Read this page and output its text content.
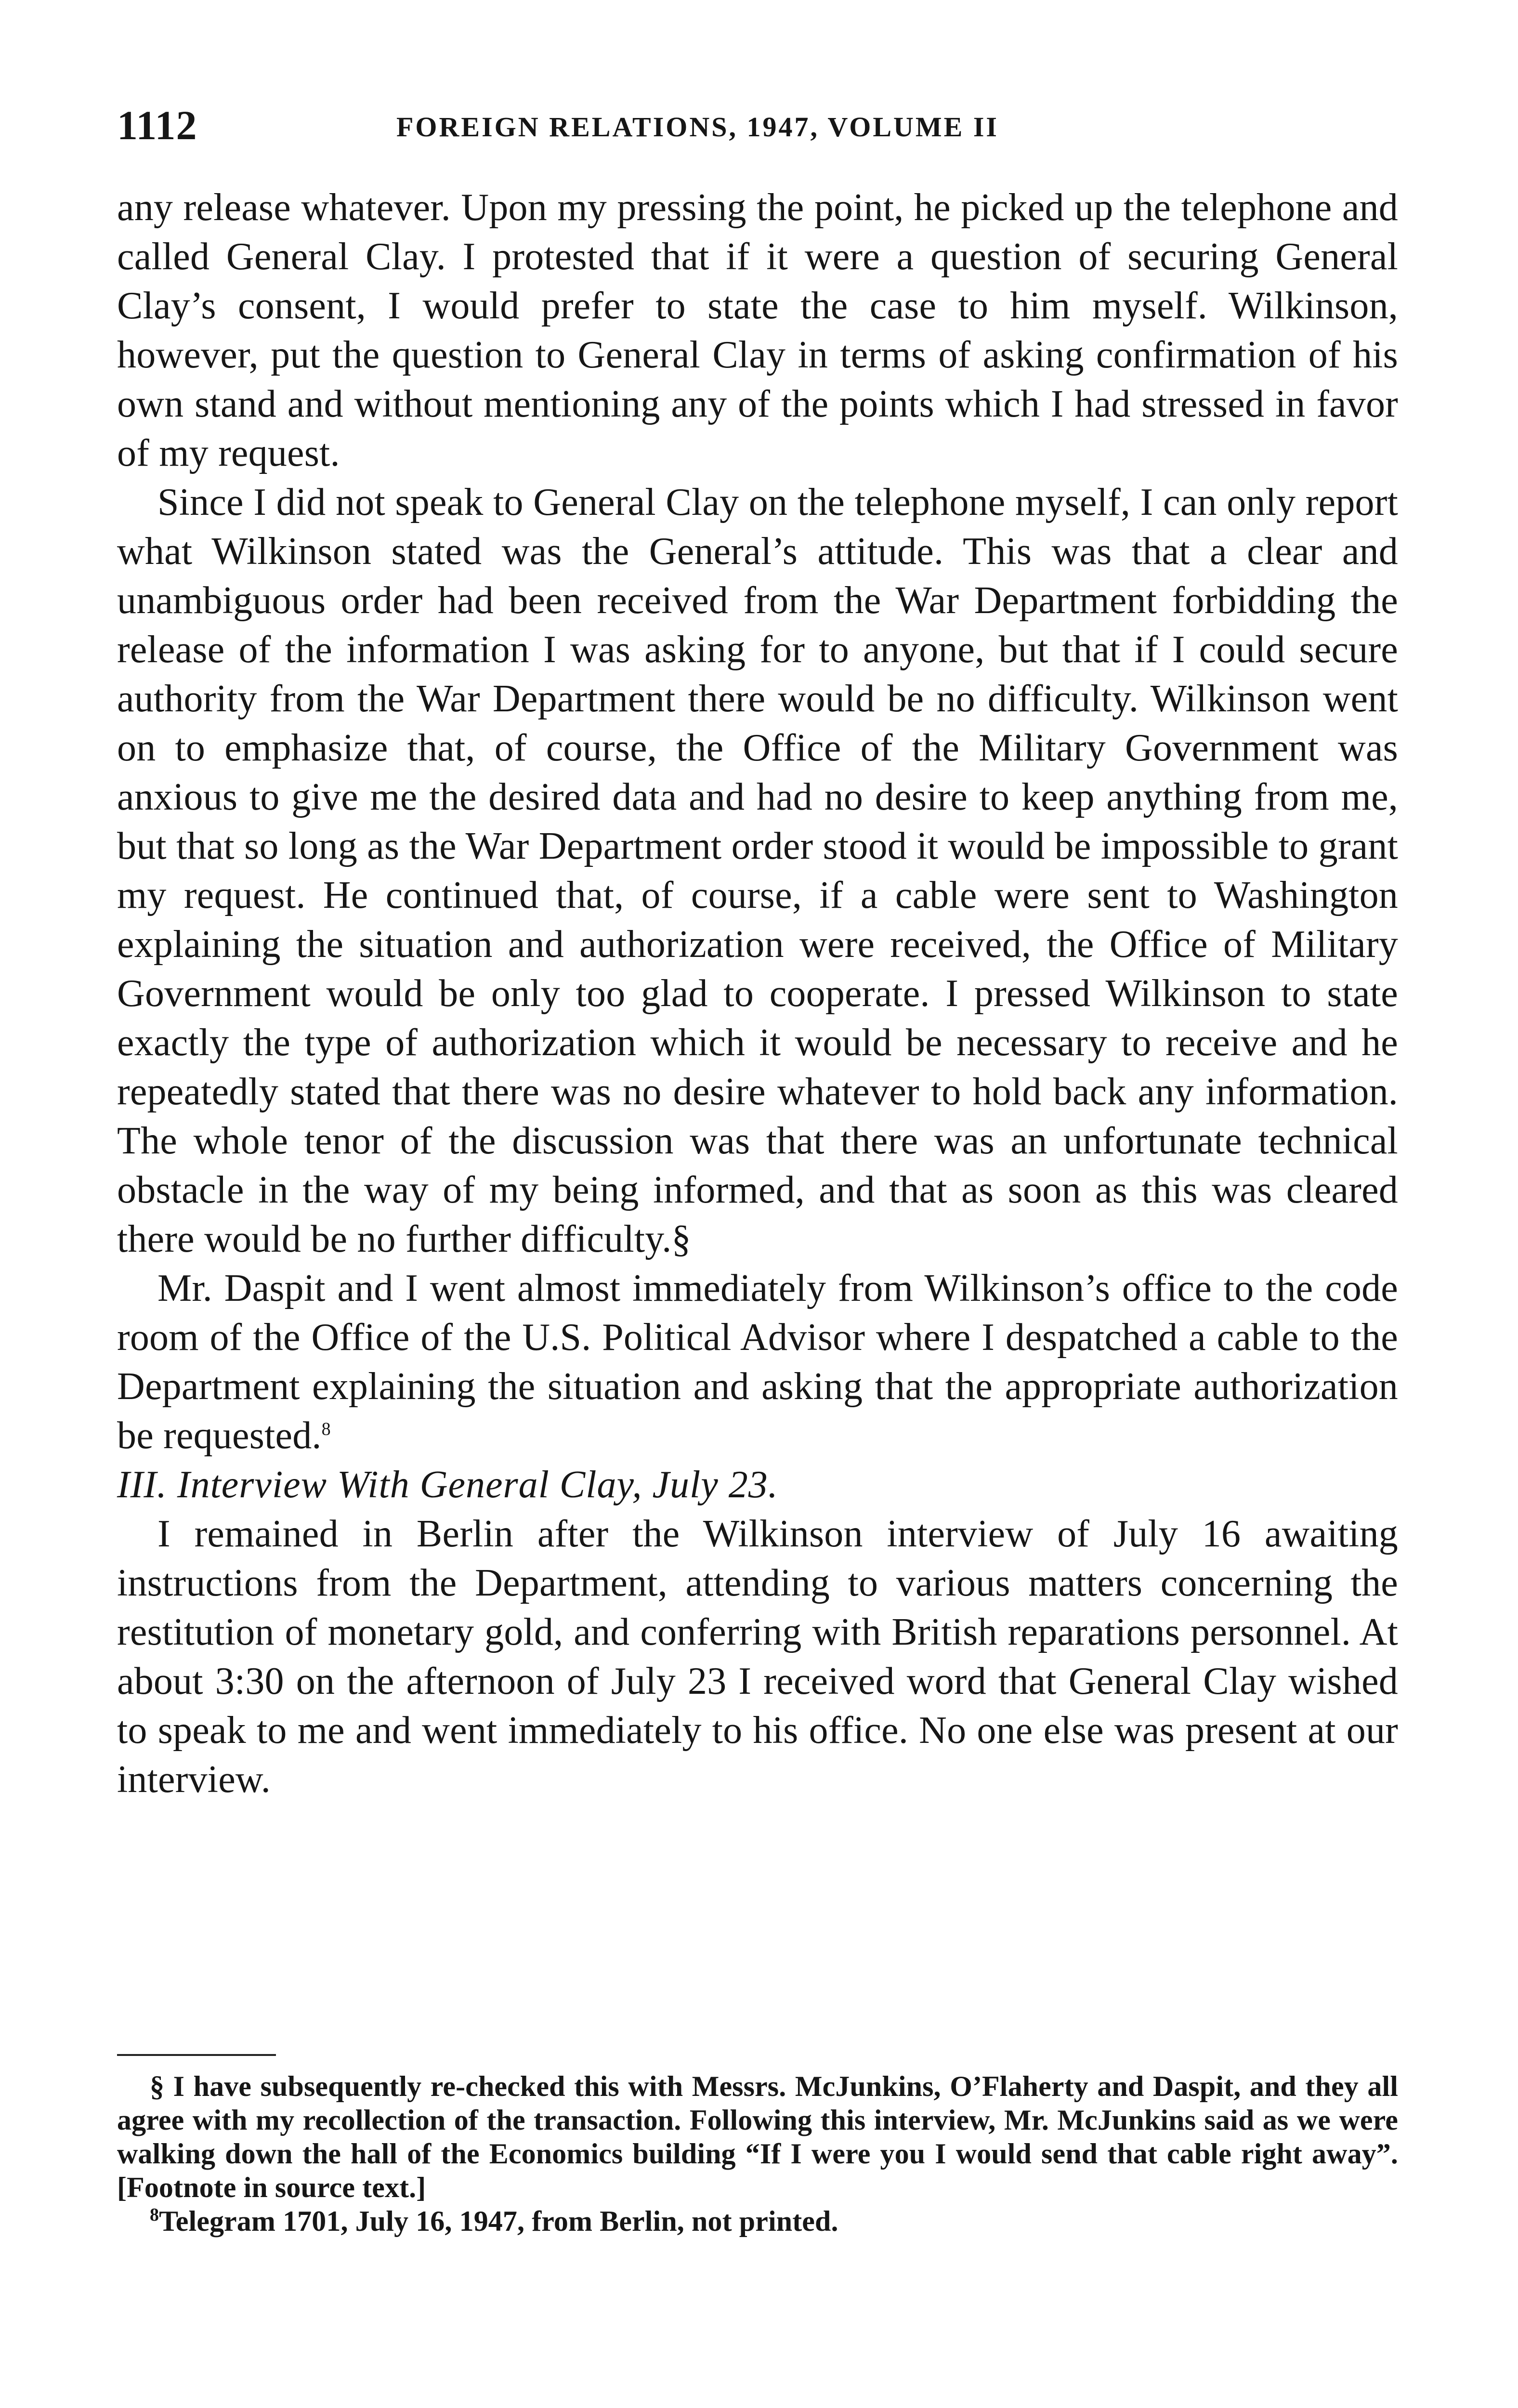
1112	FOREIGN RELATIONS, 1947, VOLUME II

any release whatever. Upon my pressing the point, he picked up the telephone and called General Clay. I protested that if it were a question of securing General Clay’s consent, I would prefer to state the case to him myself. Wilkinson, however, put the question to General Clay in terms of asking confirmation of his own stand and without mentioning any of the points which I had stressed in favor of my request.

Since I did not speak to General Clay on the telephone myself, I can only report what Wilkinson stated was the General’s attitude. This was that a clear and unambiguous order had been received from the War Department forbidding the release of the information I was asking for to anyone, but that if I could secure authority from the War Department there would be no difficulty. Wilkinson went on to emphasize that, of course, the Office of the Military Government was anxious to give me the desired data and had no desire to keep anything from me, but that so long as the War Department order stood it would be impossible to grant my request. He continued that, of course, if a cable were sent to Washington explaining the situation and authorization were received, the Office of Military Government would be only too glad to cooperate. I pressed Wilkinson to state exactly the type of authorization which it would be necessary to receive and he repeatedly stated that there was no desire whatever to hold back any information. The whole tenor of the discussion was that there was an unfortunate technical obstacle in the way of my being informed, and that as soon as this was cleared there would be no further difficulty.§

Mr. Daspit and I went almost immediately from Wilkinson’s office to the code room of the Office of the U.S. Political Advisor where I despatched a cable to the Department explaining the situation and asking that the appropriate authorization be requested.$^8$

III. Interview With General Clay, July 23.

I remained in Berlin after the Wilkinson interview of July 16 awaiting instructions from the Department, attending to various matters concerning the restitution of monetary gold, and conferring with British reparations personnel. At about 3:30 on the afternoon of July 23 I received word that General Clay wished to speak to me and went immediately to his office. No one else was present at our interview.

§ I have subsequently re-checked this with Messrs. McJunkins, O’Flaherty and Daspit, and they all agree with my recollection of the transaction. Following this interview, Mr. McJunkins said as we were walking down the hall of the Economics building “If I were you I would send that cable right away”. [Footnote in source text.]

$^8$Telegram 1701, July 16, 1947, from Berlin, not printed.
